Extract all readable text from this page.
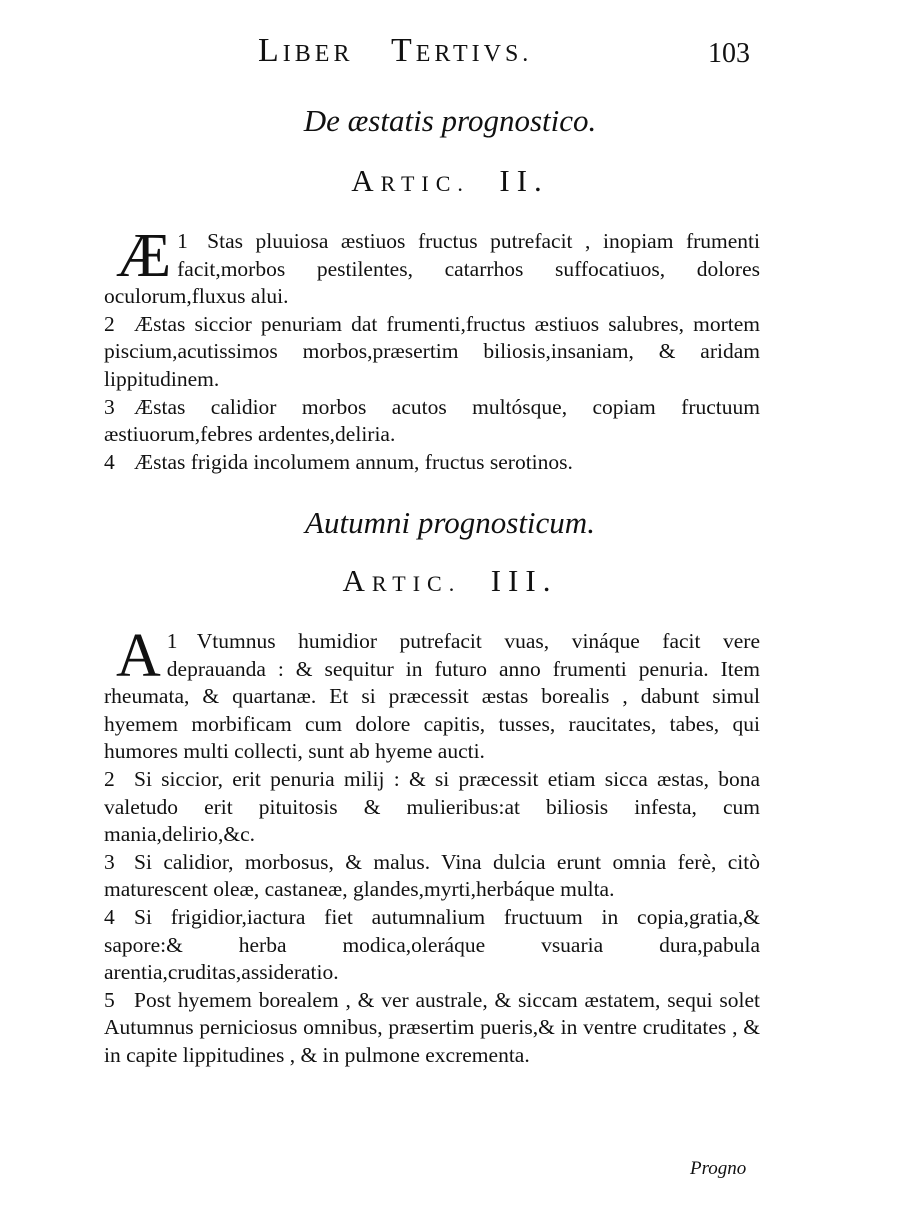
LIBER TERTIVS.	103
De æstatis prognostico.
ARTIC. II.

1
Æ Stas pluuiosa æstiuos fructus putrefacit , inopiam frumenti facit,morbos pestilentes, catarrhos suffocatiuos, dolores oculorum,fluxus alui.

2 Æstas siccior penuriam dat frumenti,fructus æstiuos salubres, mortem piscium,acutissimos morbos,præsertim biliosis,insaniam, & aridam lippitudinem.

3 Æstas calidior morbos acutos multósque, copiam fructuum æstiuorum,febres ardentes,deliria.

4 Æstas frigida incolumem annum, fructus serotinos.

Autumni prognosticum.
ARTIC. III.

1
A Vtumnus humidior putrefacit vuas, vináque facit vere deprauanda : & sequitur in futuro anno frumenti penuria. Item rheumata, & quartanæ. Et si præcessit æstas borealis , dabunt simul hyemem morbificam cum dolore capitis, tusses, raucitates, tabes, qui humores multi collecti, sunt ab hyeme aucti.

2 Si siccior, erit penuria milij : & si præcessit etiam sicca æstas, bona valetudo erit pituitosis & mulieribus:at biliosis infesta, cum mania,delirio,&c.

3 Si calidior, morbosus, & malus. Vina dulcia erunt omnia ferè, citò maturescent oleæ, castaneæ, glandes,myrti,herbáque multa.

4 Si frigidior,iactura fiet autumnalium fructuum in copia,gratia,& sapore:& herba modica,oleráque vsuaria dura,pabula arentia,cruditas,assideratio.

5 Post hyemem borealem , & ver australe, & siccam æstatem, sequi solet Autumnus perniciosus omnibus, præsertim pueris,& in ventre cruditates , & in capite lippitudines , & in pulmone excrementa.

Progno
